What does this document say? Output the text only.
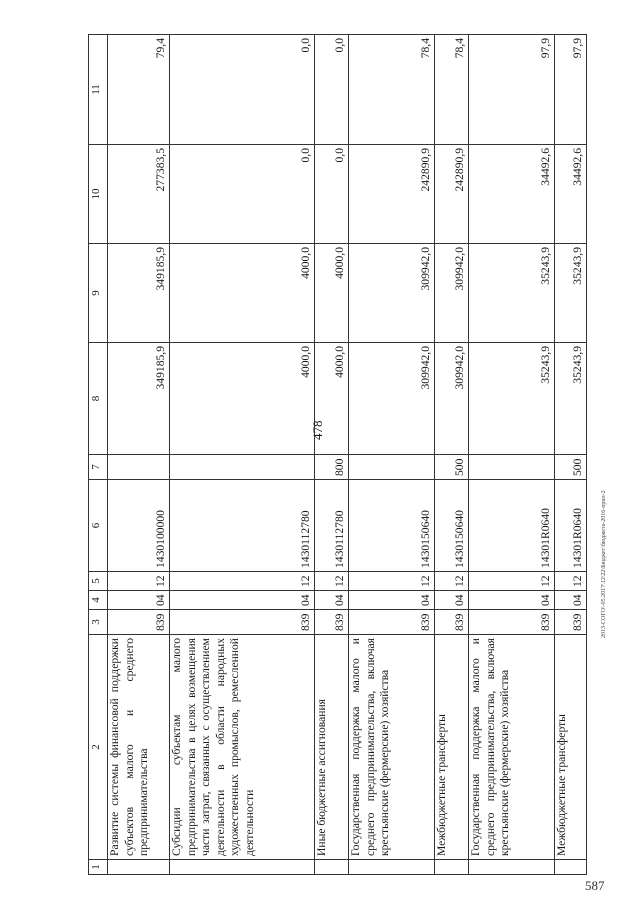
478
2013-СОГО\-05.2017\12\22\Бюджет\бюджета-2016-прил-2
587
1	2	3	4	5	6	7	8	9	10	11
	Развитие системы финансовой поддержки субъектов малого и среднего предпринимательства	839	04	12	1430100000		349185,9	349185,9	277383,5	79,4
	Субсидии субъектам малого предпринимательства в целях возмещения части затрат, связанных с осуществлением деятельности в области народных художественных промыслов, ремесленной деятельности	839	04	12	1430112780		4000,0	4000,0	0,0	0,0
	Иные бюджетные ассигнования	839	04	12	1430112780	800	4000,0	4000,0	0,0	0,0
	Государственная поддержка малого и среднего предпринимательства, включая крестьянские (фермерские) хозяйства	839	04	12	1430150640		309942,0	309942,0	242890,9	78,4
	Межбюджетные трансферты	839	04	12	1430150640	500	309942,0	309942,0	242890,9	78,4
	Государственная поддержка малого и среднего предпринимательства, включая крестьянские (фермерские) хозяйства	839	04	12	14301R0640		35243,9	35243,9	34492,6	97,9
	Межбюджетные трансферты	839	04	12	14301R0640	500	35243,9	35243,9	34492,6	97,9
